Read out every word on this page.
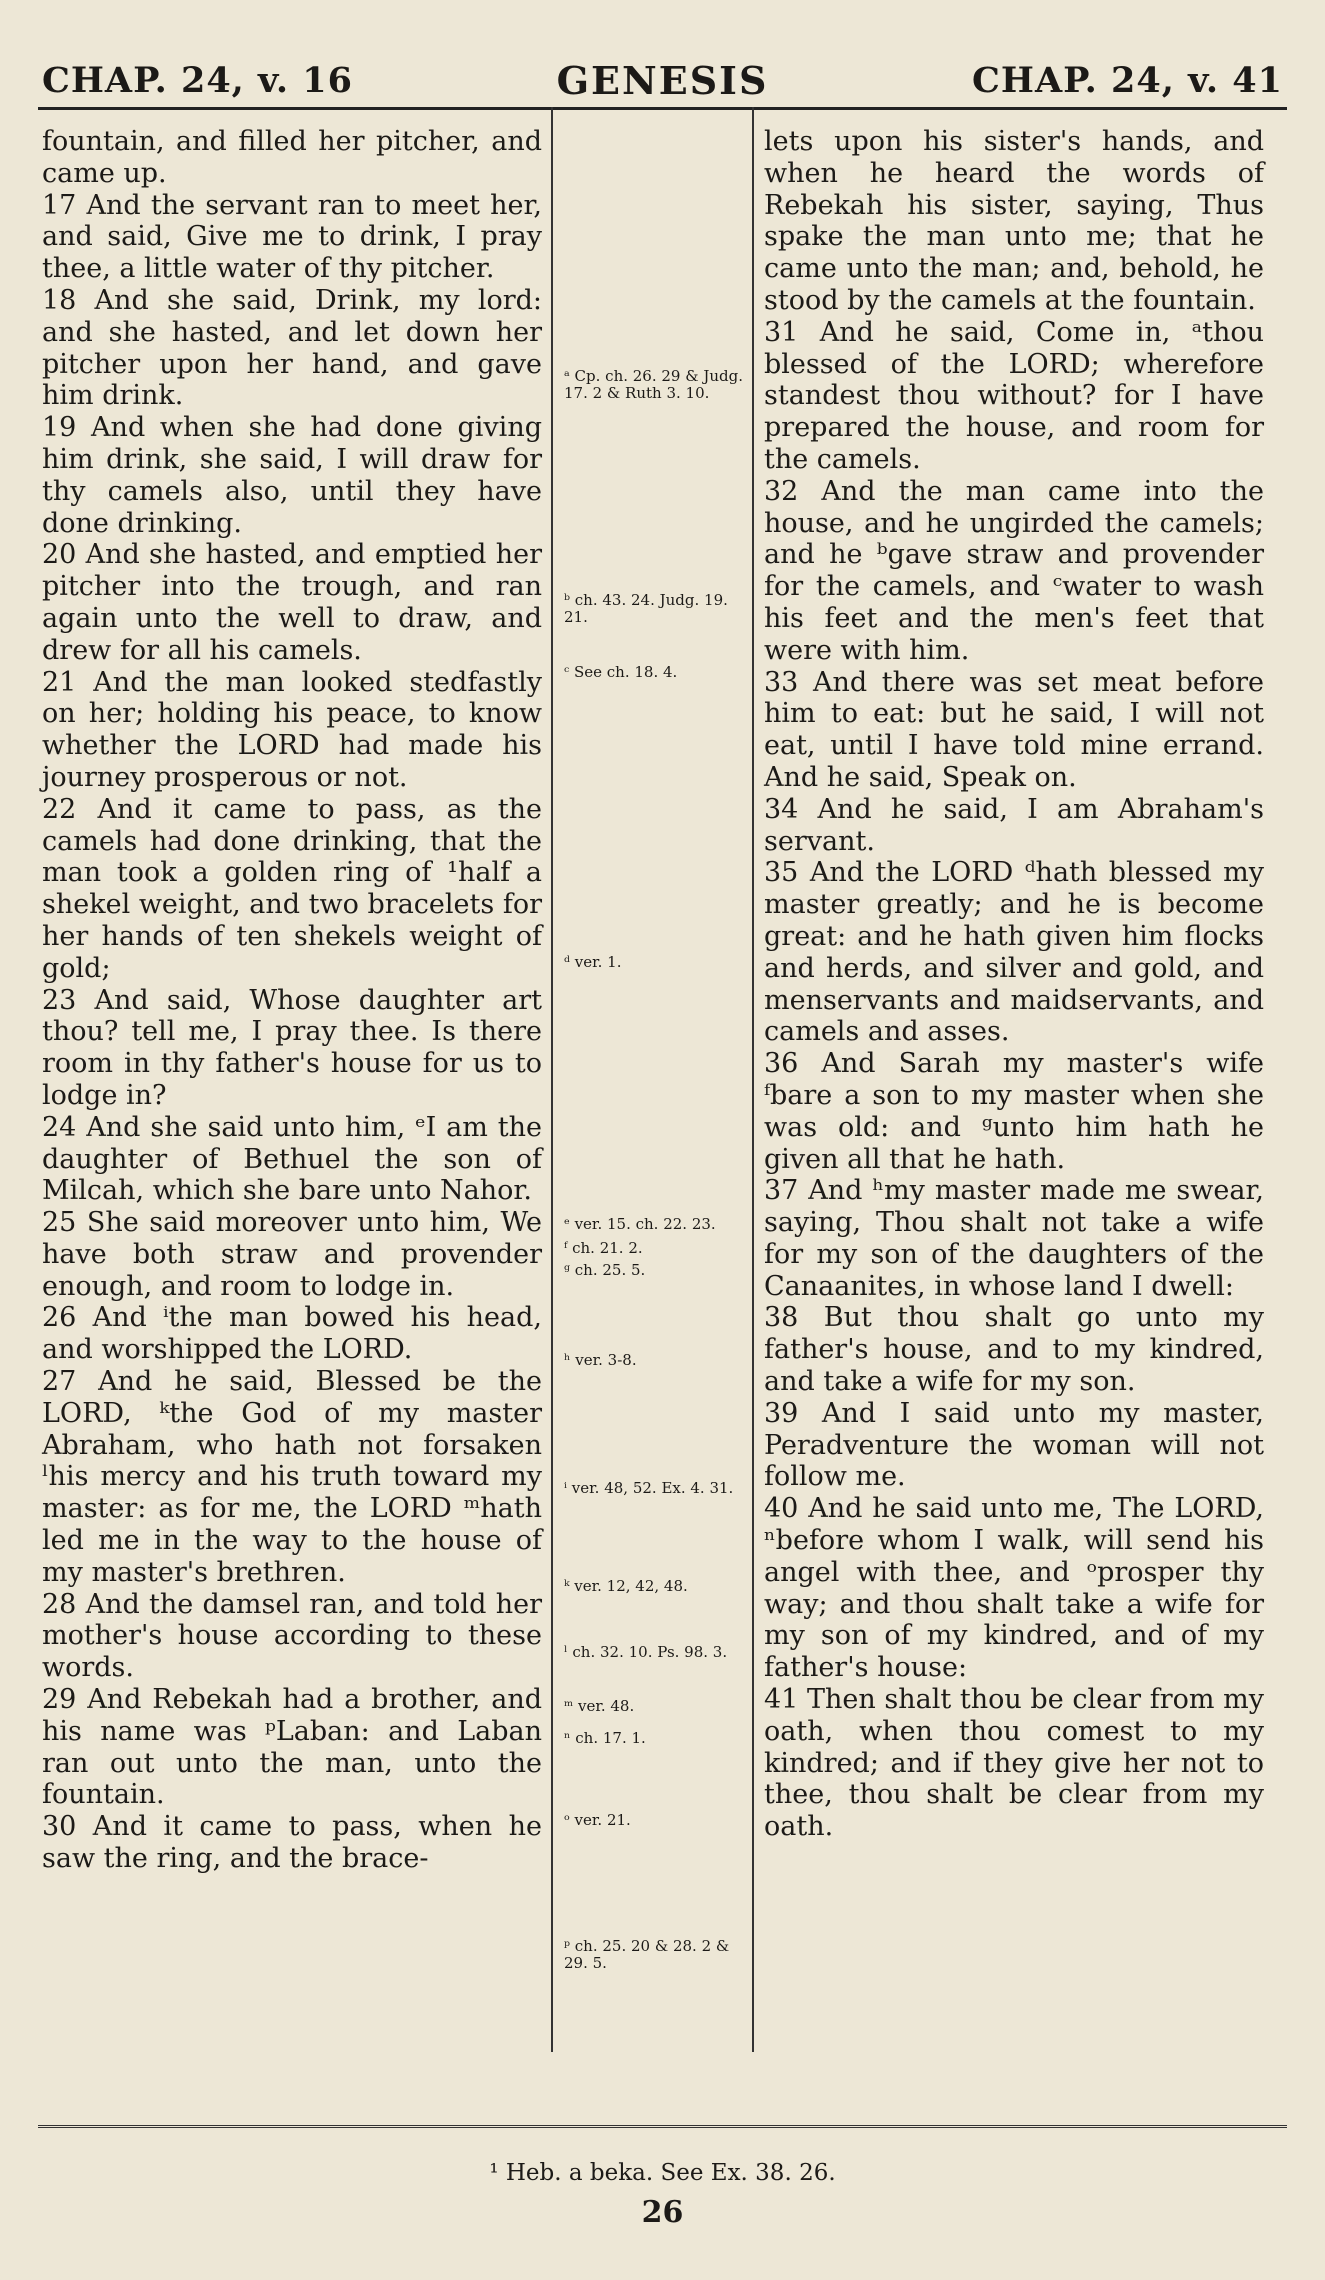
CHAP. 24, v. 16	GENESIS	CHAP. 24, v. 41

fountain, and filled her pitcher, and came up.

17 And the servant ran to meet her, and said, Give me to drink, I pray thee, a little water of thy pitcher.

18 And she said, Drink, my lord: and she hasted, and let down her pitcher upon her hand, and gave him drink.

19 And when she had done giving him drink, she said, I will draw for thy camels also, until they have done drinking.

20 And she hasted, and emptied her pitcher into the trough, and ran again unto the well to draw, and drew for all his camels.

21 And the man looked stedfastly on her; holding his peace, to know whether the LORD had made his journey prosperous or not.

22 And it came to pass, as the camels had done drinking, that the man took a golden ring of ¹half a shekel weight, and two bracelets for her hands of ten shekels weight of gold;

23 And said, Whose daughter art thou? tell me, I pray thee. Is there room in thy father's house for us to lodge in?

24 And she said unto him, ᵉI am the daughter of Bethuel the son of Milcah, which she bare unto Nahor.

25 She said moreover unto him, We have both straw and provender enough, and room to lodge in.

26 And ⁱthe man bowed his head, and worshipped the LORD.

27 And he said, Blessed be the LORD, ᵏthe God of my master Abraham, who hath not forsaken ˡhis mercy and his truth toward my master: as for me, the LORD ᵐhath led me in the way to the house of my master's brethren.

28 And the damsel ran, and told her mother's house according to these words.

29 And Rebekah had a brother, and his name was ᵖLaban: and Laban ran out unto the man, unto the fountain.

30 And it came to pass, when he saw the ring, and the brace-

ᵃ Cp. ch. 26. 29 & Judg. 17. 2 & Ruth 3. 10.
ᵇ ch. 43. 24. Judg. 19. 21.
ᶜ See ch. 18. 4.
ᵈ ver. 1.
ᵉ ver. 15. ch. 22. 23.
ᶠ ch. 21. 2.
ᵍ ch. 25. 5.
ʰ ver. 3-8.
ⁱ ver. 48, 52. Ex. 4. 31.
ᵏ ver. 12, 42, 48.
ˡ ch. 32. 10. Ps. 98. 3.
ᵐ ver. 48.
ⁿ ch. 17. 1.
ᵒ ver. 21.
ᵖ ch. 25. 20 & 28. 2 & 29. 5.

lets upon his sister's hands, and when he heard the words of Rebekah his sister, saying, Thus spake the man unto me; that he came unto the man; and, behold, he stood by the camels at the fountain.

31 And he said, Come in, ᵃthou blessed of the LORD; wherefore standest thou without? for I have prepared the house, and room for the camels.

32 And the man came into the house, and he ungirded the camels; and he ᵇgave straw and provender for the camels, and ᶜwater to wash his feet and the men's feet that were with him.

33 And there was set meat before him to eat: but he said, I will not eat, until I have told mine errand. And he said, Speak on.

34 And he said, I am Abraham's servant.

35 And the LORD ᵈhath blessed my master greatly; and he is become great: and he hath given him flocks and herds, and silver and gold, and menservants and maidservants, and camels and asses.

36 And Sarah my master's wife ᶠbare a son to my master when she was old: and ᵍunto him hath he given all that he hath.

37 And ʰmy master made me swear, saying, Thou shalt not take a wife for my son of the daughters of the Canaanites, in whose land I dwell:

38 But thou shalt go unto my father's house, and to my kindred, and take a wife for my son.

39 And I said unto my master, Peradventure the woman will not follow me.

40 And he said unto me, The LORD, ⁿbefore whom I walk, will send his angel with thee, and ᵒprosper thy way; and thou shalt take a wife for my son of my kindred, and of my father's house:

41 Then shalt thou be clear from my oath, when thou comest to my kindred; and if they give her not to thee, thou shalt be clear from my oath.

¹ Heb. a beka. See Ex. 38. 26.
26
